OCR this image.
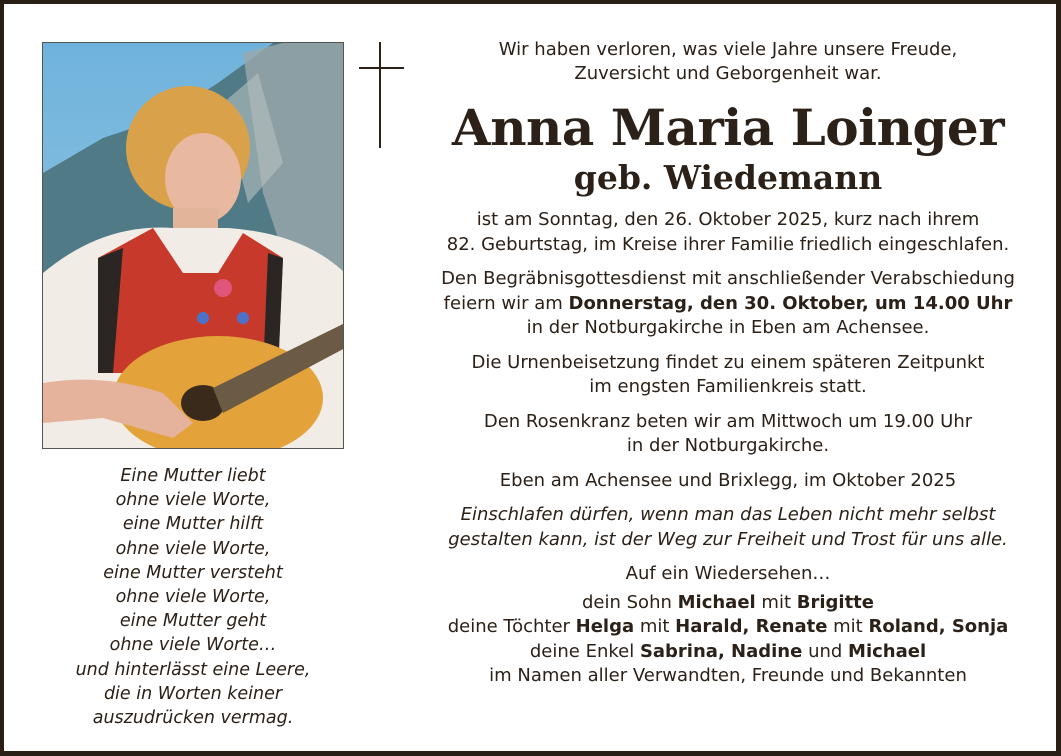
Eine Mutter liebt
ohne viele Worte,
eine Mutter hilft
ohne viele Worte,
eine Mutter versteht
ohne viele Worte,
eine Mutter geht
ohne viele Worte…
und hinterlässt eine Leere,
die in Worten keiner
auszudrücken vermag.

Wir haben verloren, was viele Jahre unsere Freude,
Zuversicht und Geborgenheit war.

Anna Maria Loinger
geb. Wiedemann

ist am Sonntag, den 26. Oktober 2025, kurz nach ihrem
82. Geburtstag, im Kreise ihrer Familie friedlich eingeschlafen.

Den Begräbnisgottesdienst mit anschließender Verabschiedung
feiern wir am Donnerstag, den 30. Oktober, um 14.00 Uhr
in der Notburgakirche in Eben am Achensee.

Die Urnenbeisetzung findet zu einem späteren Zeitpunkt
im engsten Familienkreis statt.

Den Rosenkranz beten wir am Mittwoch um 19.00 Uhr
in der Notburgakirche.

Eben am Achensee und Brixlegg, im Oktober 2025

Einschlafen dürfen, wenn man das Leben nicht mehr selbst
gestalten kann, ist der Weg zur Freiheit und Trost für uns alle.

Auf ein Wiedersehen…

dein Sohn Michael mit Brigitte

deine Töchter Helga mit Harald, Renate mit Roland, Sonja

deine Enkel Sabrina, Nadine und Michael

im Namen aller Verwandten, Freunde und Bekannten
